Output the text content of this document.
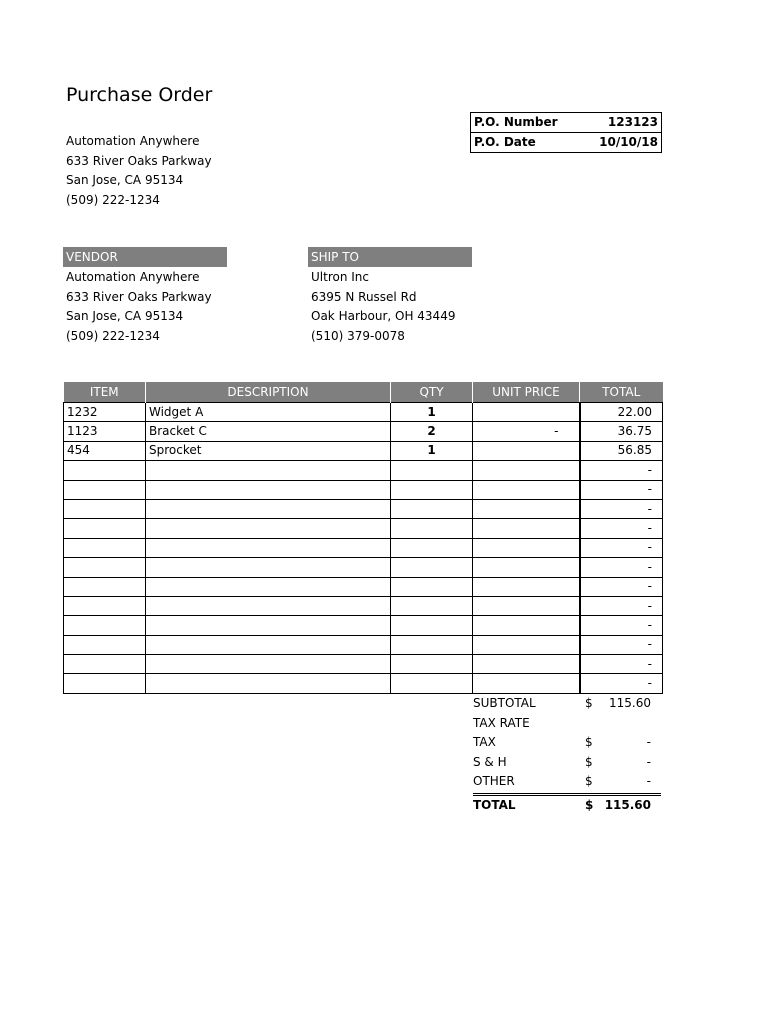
Purchase Order
Automation Anywhere
633 River Oaks Parkway
San Jose, CA 95134
(509) 222-1234
P.O. Number	123123
P.O. Date	10/10/18
VENDOR
Automation Anywhere
633 River Oaks Parkway
San Jose, CA 95134
(509) 222-1234
SHIP TO
Ultron Inc
6395 N Russel Rd
Oak Harbour, OH 43449
(510) 379-0078
ITEM	DESCRIPTION	QTY	UNIT PRICE	TOTAL
1232	Widget A	1		22.00
1123	Bracket C	2	-	36.75
454	Sprocket	1		56.85
				-
				-
				-
				-
				-
				-
				-
				-
				-
				-
				-
				-
SUBTOTAL	$	115.60
TAX RATE
TAX	$	-
S & H	$	-
OTHER	$	-
TOTAL	$ 115.60
